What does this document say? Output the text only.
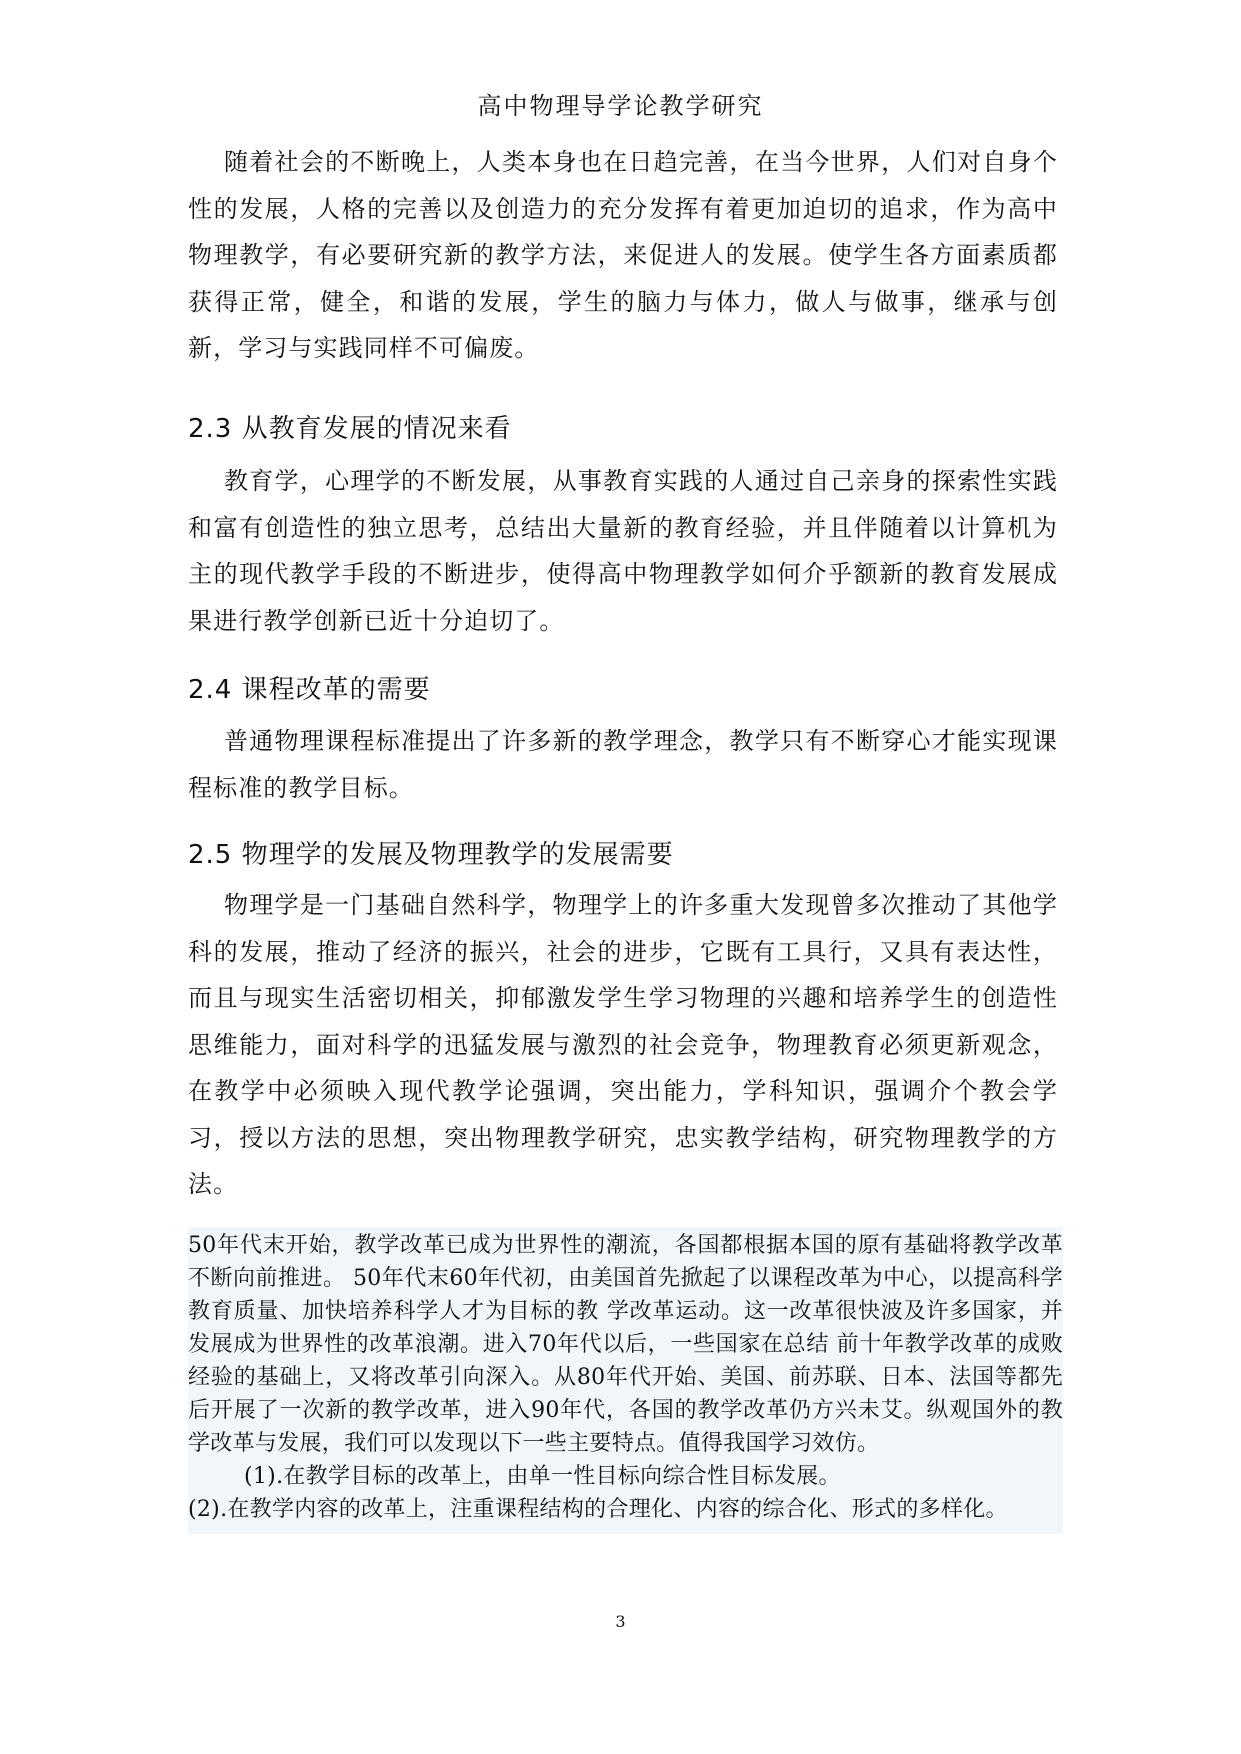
高中物理导学论教学研究

随着社会的不断晚上，人类本身也在日趋完善，在当今世界，人们对自身个性的发展，人格的完善以及创造力的充分发挥有着更加迫切的追求，作为高中物理教学，有必要研究新的教学方法，来促进人的发展。使学生各方面素质都获得正常，健全，和谐的发展，学生的脑力与体力，做人与做事，继承与创新，学习与实践同样不可偏废。

2.3 从教育发展的情况来看

教育学，心理学的不断发展，从事教育实践的人通过自己亲身的探索性实践和富有创造性的独立思考，总结出大量新的教育经验，并且伴随着以计算机为主的现代教学手段的不断进步，使得高中物理教学如何介乎额新的教育发展成果进行教学创新已近十分迫切了。

2.4 课程改革的需要

普通物理课程标准提出了许多新的教学理念，教学只有不断穿心才能实现课程标准的教学目标。

2.5 物理学的发展及物理教学的发展需要

物理学是一门基础自然科学，物理学上的许多重大发现曾多次推动了其他学科的发展，推动了经济的振兴，社会的进步，它既有工具行，又具有表达性，而且与现实生活密切相关，抑郁激发学生学习物理的兴趣和培养学生的创造性思维能力，面对科学的迅猛发展与激烈的社会竞争，物理教育必须更新观念，在教学中必须映入现代教学论强调，突出能力，学科知识，强调介个教会学习，授以方法的思想，突出物理教学研究，忠实教学结构，研究物理教学的方法。

50年代末开始，教学改革已成为世界性的潮流，各国都根据本国的原有基础将教学改革不断向前推进。 50年代末60年代初，由美国首先掀起了以课程改革为中心，以提高科学教育质量、加快培养科学人才为目标的教 学改革运动。这一改革很快波及许多国家，并发展成为世界性的改革浪潮。进入70年代以后，一些国家在总结 前十年教学改革的成败经验的基础上，又将改革引向深入。从80年代开始、美国、前苏联、日本、法国等都先 后开展了一次新的教学改革，进入90年代，各国的教学改革仍方兴未艾。纵观国外的教学改革与发展，我们可以发现以下一些主要特点。值得我国学习效仿。

(1).在教学目标的改革上，由单一性目标向综合性目标发展。

(2).在教学内容的改革上，注重课程结构的合理化、内容的综合化、形式的多样化。

3
